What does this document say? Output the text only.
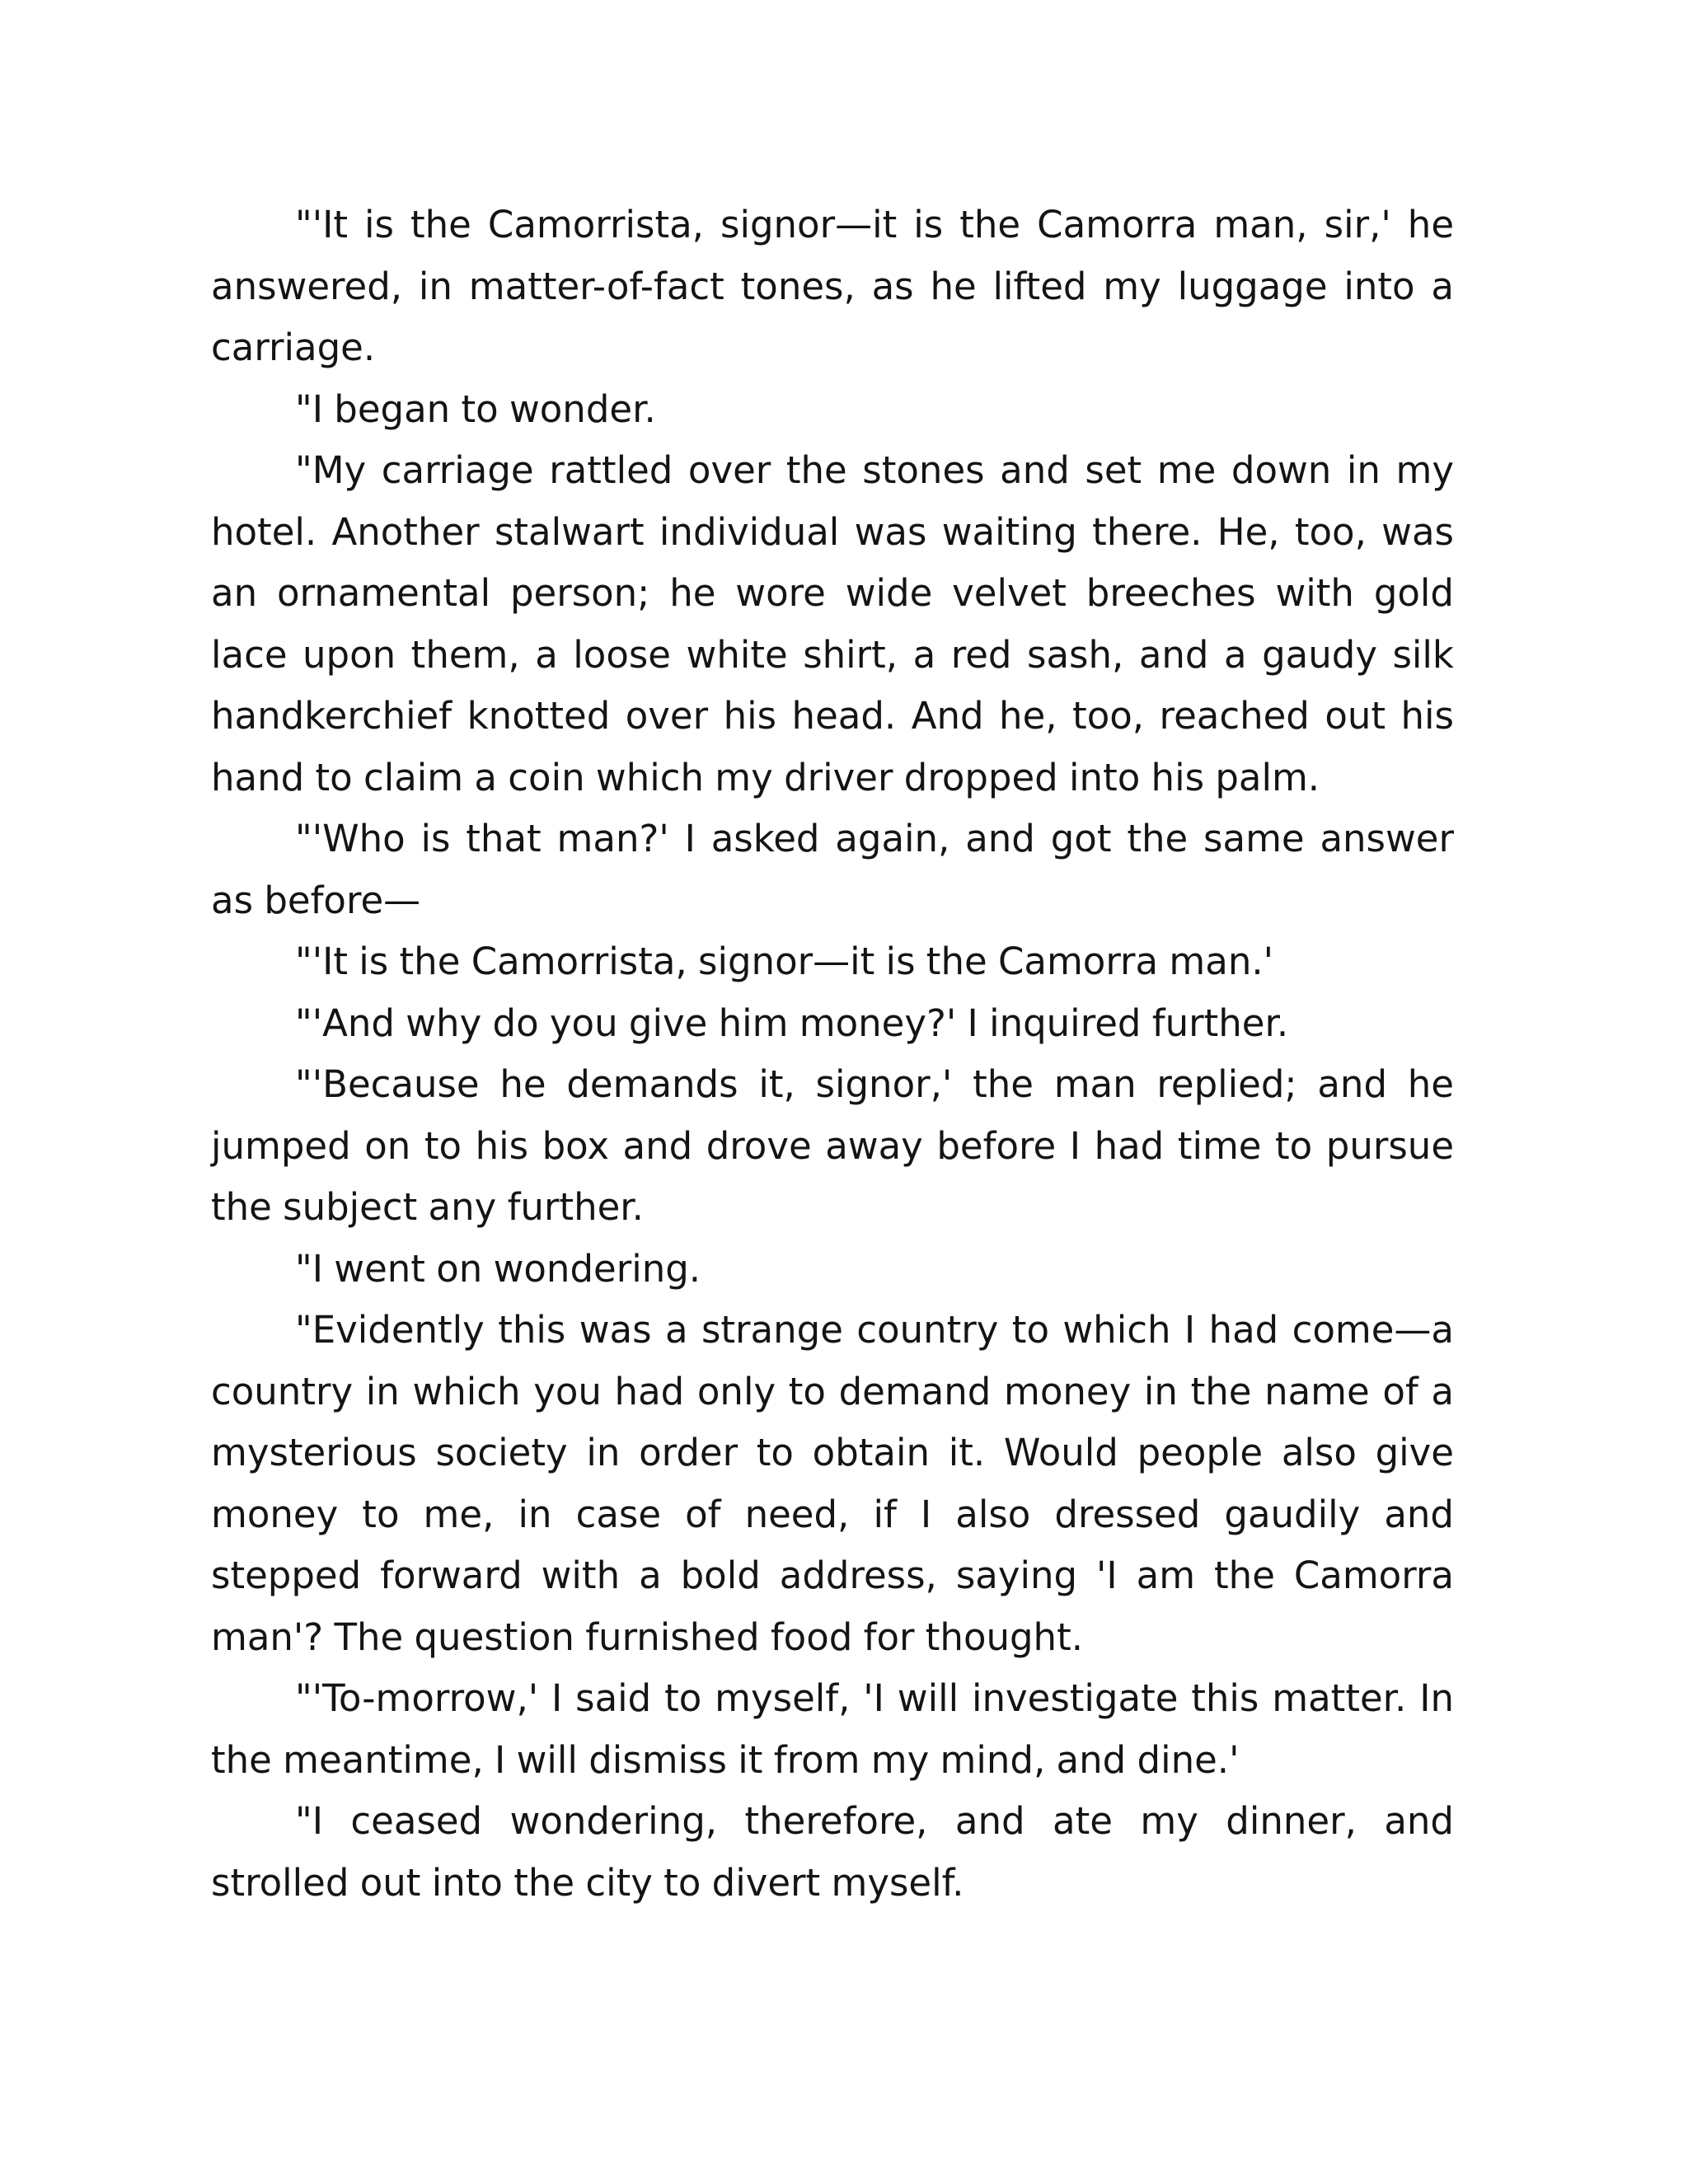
"'It is the Camorrista, signor—it is the Camorra man, sir,' he answered, in matter-of-fact tones, as he lifted my luggage into a carriage.

"I began to wonder.

"My carriage rattled over the stones and set me down in my hotel. Another stalwart individual was waiting there. He, too, was an ornamental person; he wore wide velvet breeches with gold lace upon them, a loose white shirt, a red sash, and a gaudy silk handkerchief knotted over his head. And he, too, reached out his hand to claim a coin which my driver dropped into his palm.

"'Who is that man?' I asked again, and got the same answer as before—

"'It is the Camorrista, signor—it is the Camorra man.'

"'And why do you give him money?' I inquired further.

"'Because he demands it, signor,' the man replied; and he jumped on to his box and drove away before I had time to pursue the subject any further.

"I went on wondering.

"Evidently this was a strange country to which I had come—a country in which you had only to demand money in the name of a mysterious society in order to obtain it. Would people also give money to me, in case of need, if I also dressed gaudily and stepped forward with a bold address, saying 'I am the Camorra man'? The question furnished food for thought.

"'To-morrow,' I said to myself, 'I will investigate this matter. In the meantime, I will dismiss it from my mind, and dine.'

"I ceased wondering, therefore, and ate my dinner, and strolled out into the city to divert myself.
